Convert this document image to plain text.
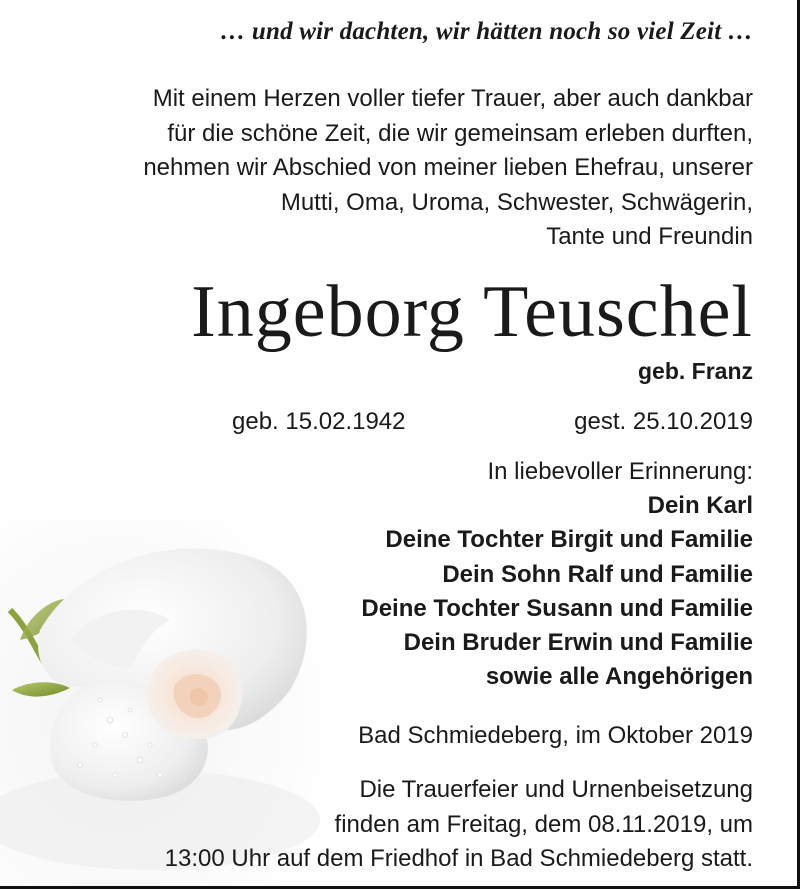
… und wir dachten, wir hätten noch so viel Zeit …
Mit einem Herzen voller tiefer Trauer, aber auch dankbar
für die schöne Zeit, die wir gemeinsam erleben durften,
nehmen wir Abschied von meiner lieben Ehefrau, unserer
Mutti, Oma, Uroma, Schwester, Schwägerin,
Tante und Freundin
Ingeborg Teuschel
geb. Franz
geb. 15.02.1942	gest. 25.10.2019
In liebevoller Erinnerung:
Dein Karl
Deine Tochter Birgit und Familie
Dein Sohn Ralf und Familie
Deine Tochter Susann und Familie
Dein Bruder Erwin und Familie
sowie alle Angehörigen
Bad Schmiedeberg, im Oktober 2019
Die Trauerfeier und Urnenbeisetzung
finden am Freitag, dem 08.11.2019, um
13:00 Uhr auf dem Friedhof in Bad Schmiedeberg statt.
